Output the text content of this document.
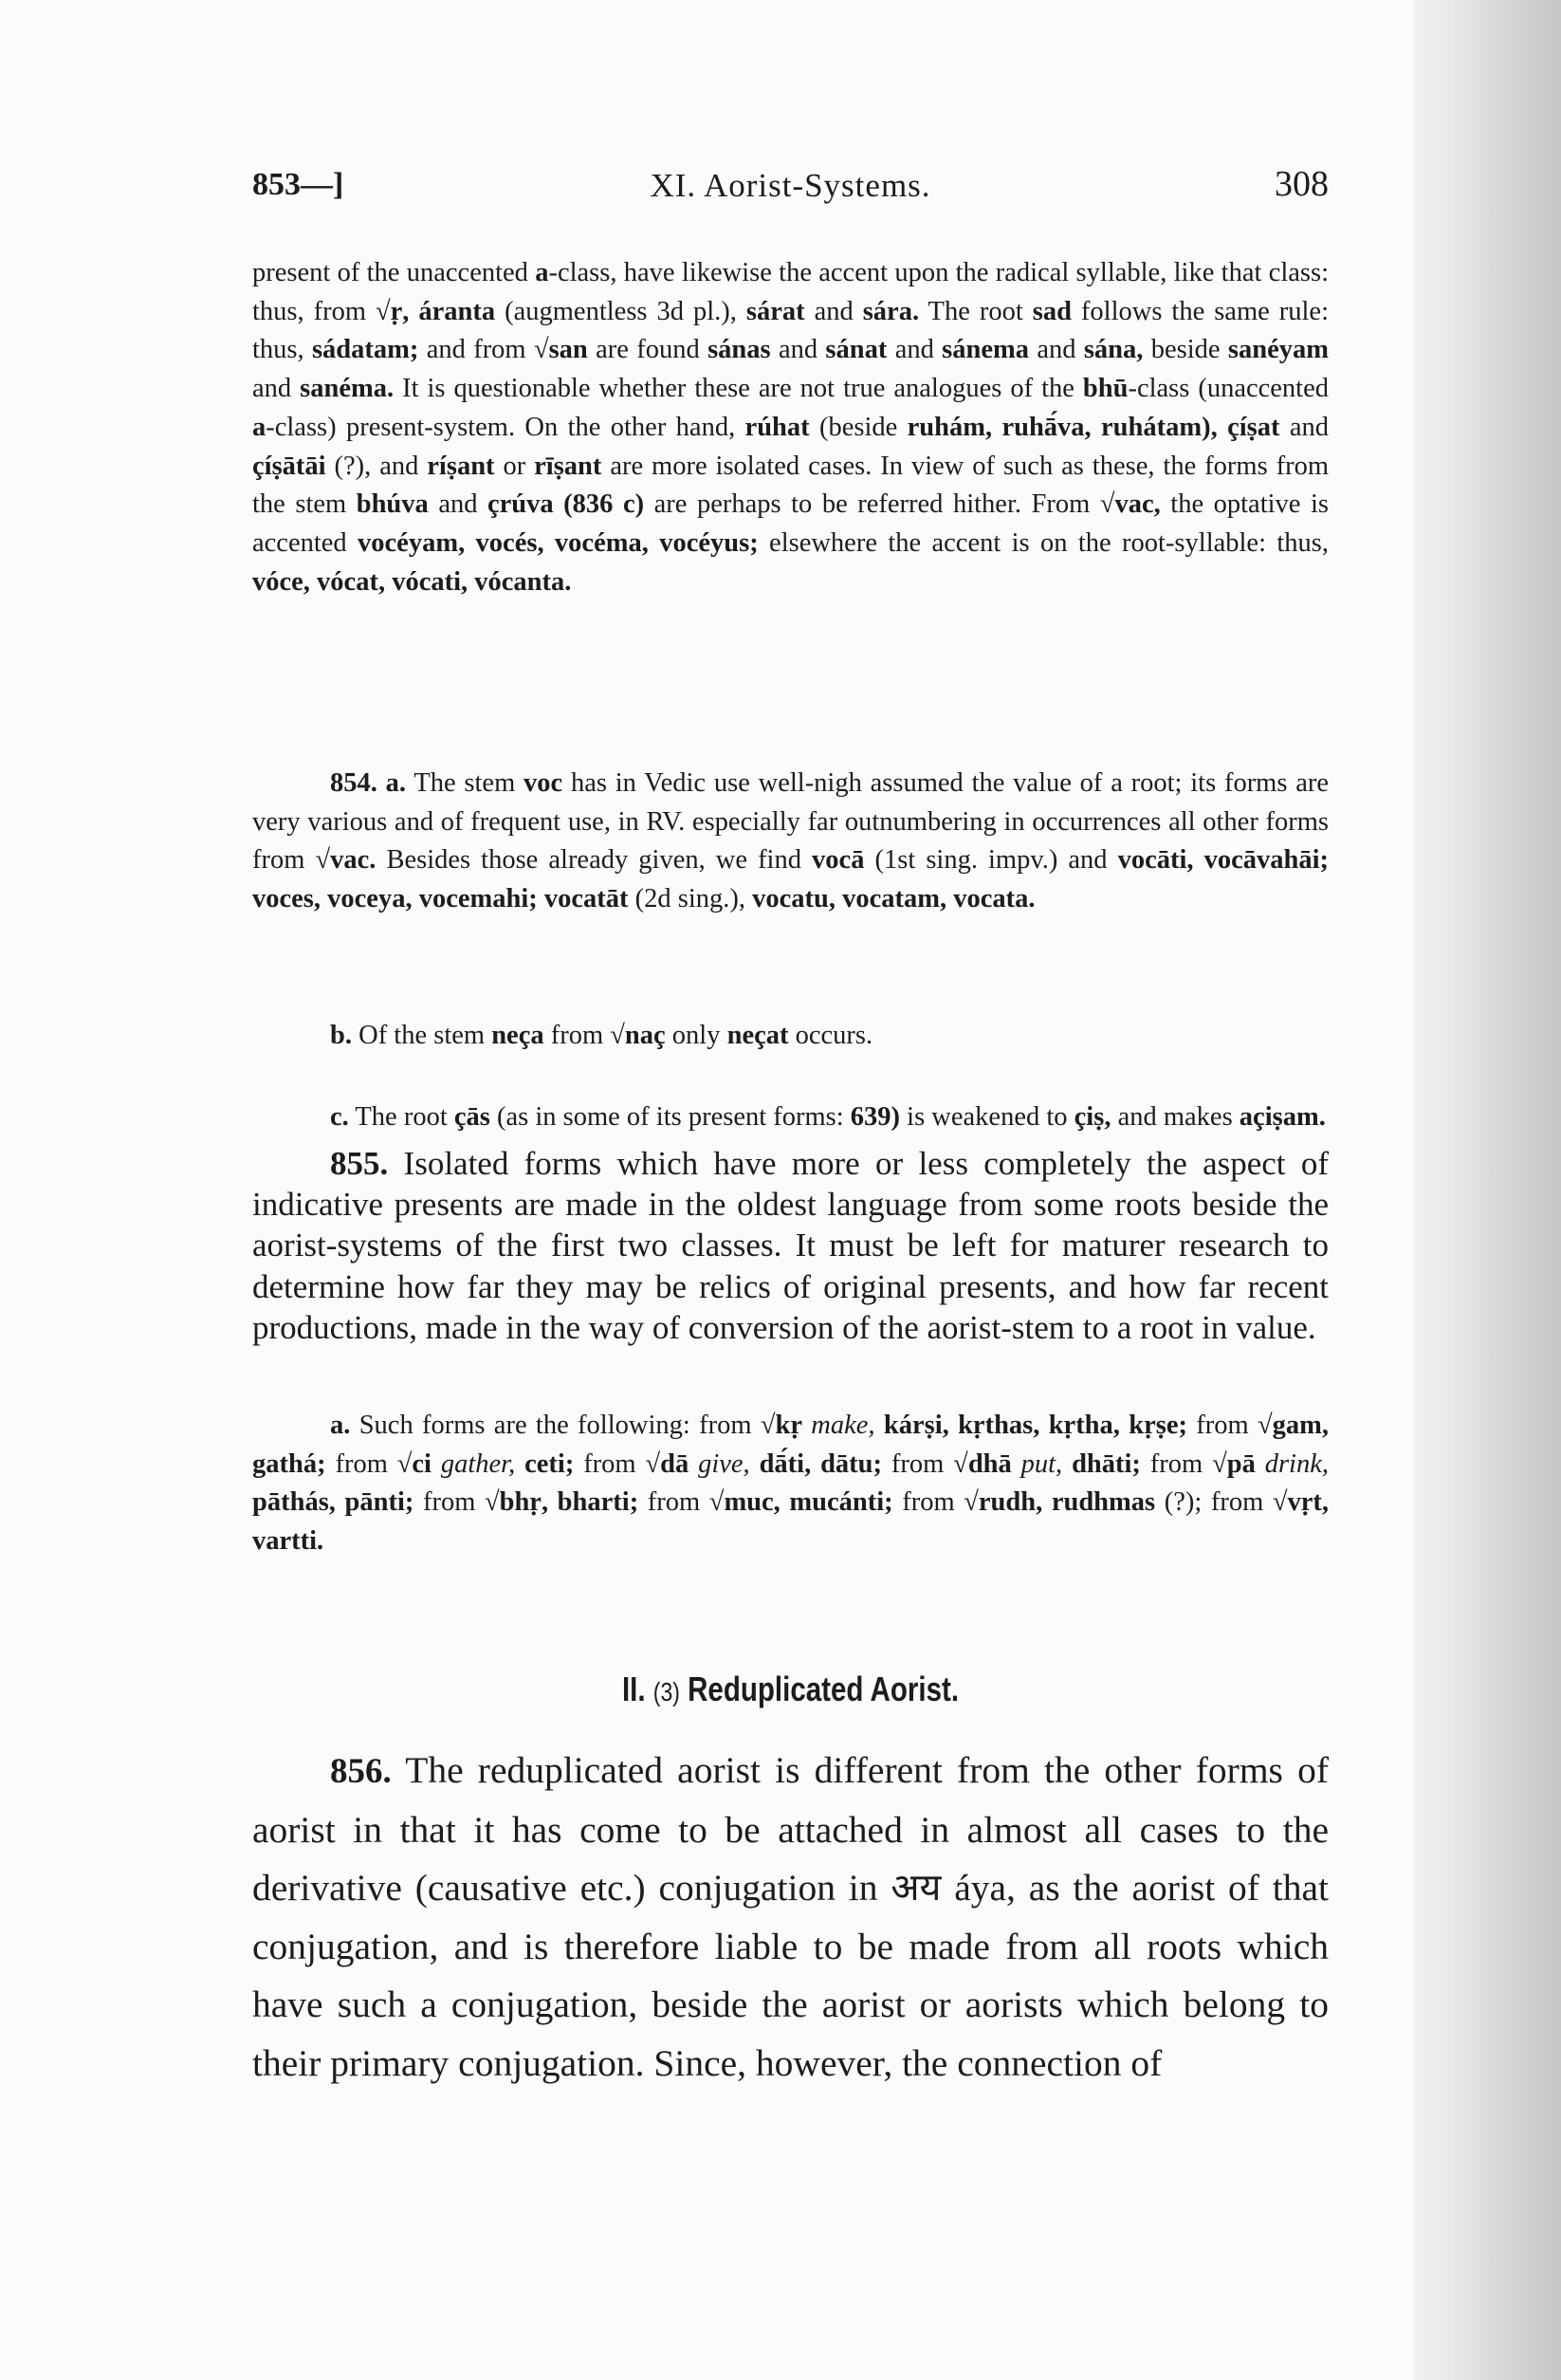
853—]	XI. Aorist-Systems.	308

present of the unaccented a-class, have likewise the accent upon the radical syllable, like that class: thus, from √ṛ, áranta (augmentless 3d pl.), sárat and sára. The root sad follows the same rule: thus, sádatam; and from √san are found sánas and sánat and sánema and sána, beside sanéyam and sanéma. It is questionable whether these are not true analogues of the bhū-class (unaccented a-class) present-system. On the other hand, rúhat (beside ruhám, ruhā́va, ruhátam), çíṣat and çíṣātāi (?), and ríṣant or rīṣant are more isolated cases. In view of such as these, the forms from the stem bhúva and çrúva (836 c) are perhaps to be referred hither. From √vac, the optative is accented vocéyam, vocés, vocéma, vocéyus; elsewhere the accent is on the root-syllable: thus, vóce, vócat, vócati, vócanta.

854. a. The stem voc has in Vedic use well-nigh assumed the value of a root; its forms are very various and of frequent use, in RV. especially far outnumbering in occurrences all other forms from √vac. Besides those already given, we find vocā (1st sing. impv.) and vocāti, vocāvahāi; voces, voceya, vocemahi; vocatāt (2d sing.), vocatu, vocatam, vocata.

b. Of the stem neça from √naç only neçat occurs.

c. The root çās (as in some of its present forms: 639) is weakened to çiṣ, and makes açiṣam.

855. Isolated forms which have more or less completely the aspect of indicative presents are made in the oldest language from some roots beside the aorist-systems of the first two classes. It must be left for maturer research to determine how far they may be relics of original presents, and how far recent productions, made in the way of conversion of the aorist-stem to a root in value.

a. Such forms are the following: from √kṛ make, kárṣi, kṛthas, kṛtha, kṛṣe; from √gam, gathá; from √ci gather, ceti; from √dā give, dā́ti, dātu; from √dhā put, dhāti; from √pā drink, pāthás, pānti; from √bhṛ, bharti; from √muc, mucánti; from √rudh, rudhmas (?); from √vṛt, vartti.

II. (3) Reduplicated Aorist.

856. The reduplicated aorist is different from the other forms of aorist in that it has come to be attached in almost all cases to the derivative (causative etc.) conjugation in अय áya, as the aorist of that conjugation, and is therefore liable to be made from all roots which have such a conjugation, beside the aorist or aorists which belong to their primary conjugation. Since, however, the connection of
